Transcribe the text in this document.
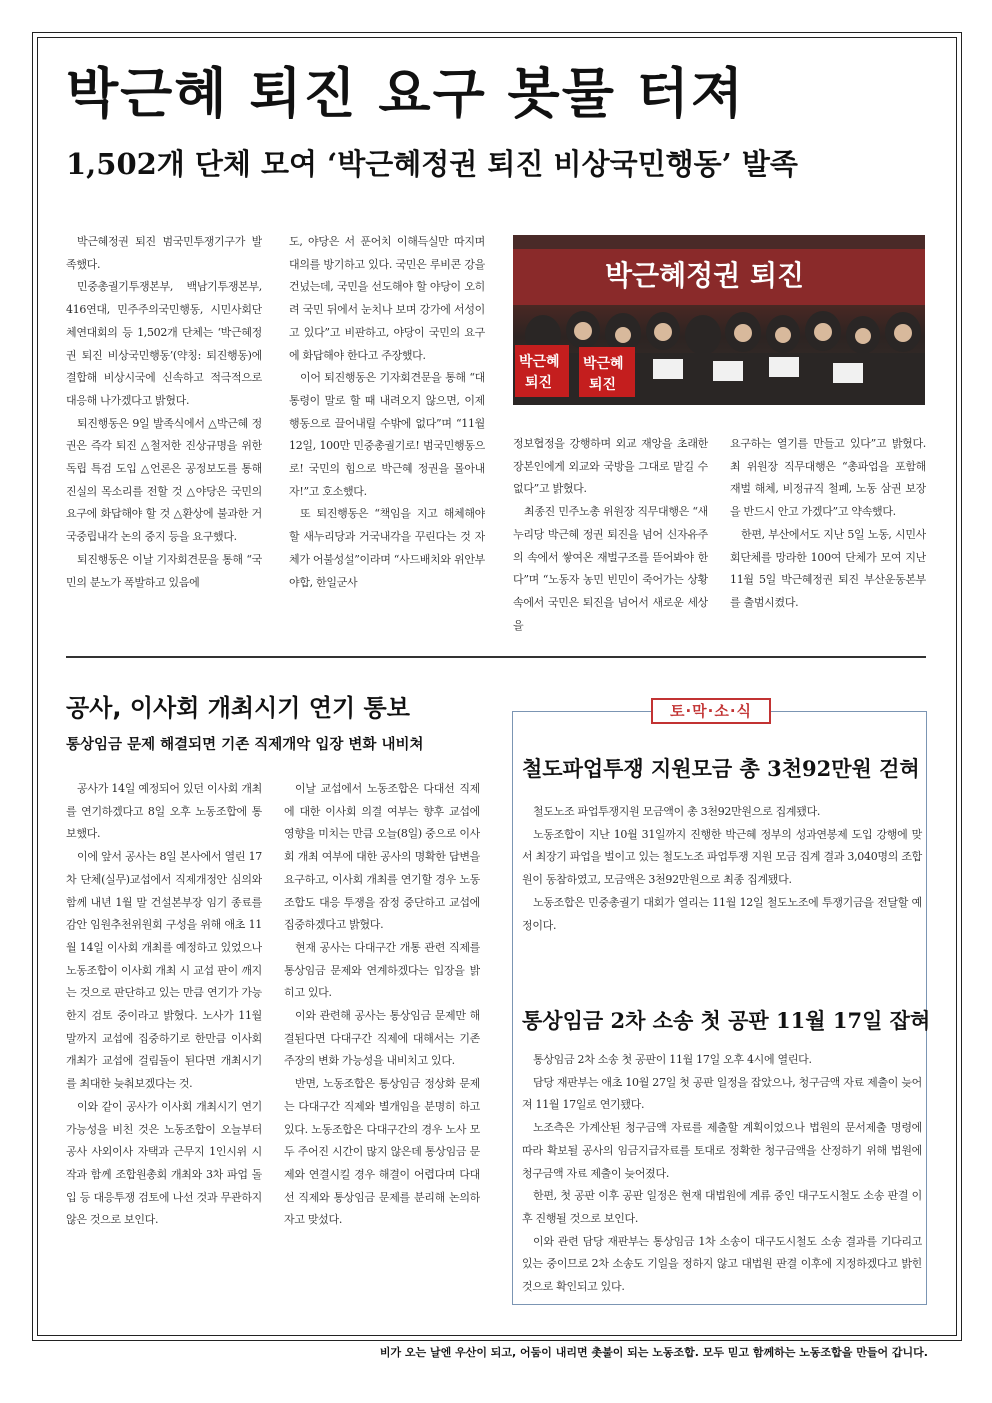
박근혜 퇴진 요구 봇물 터져
1,502개 단체 모여 ‘박근혜정권 퇴진 비상국민행동’ 발족

박근혜정권 퇴진 범국민투쟁기구가 발족했다.

민중총궐기투쟁본부, 백남기투쟁본부, 416연대, 민주주의국민행동, 시민사회단체연대회의 등 1,502개 단체는 ‘박근혜정권 퇴진 비상국민행동’(약칭: 퇴진행동)에 결합해 비상시국에 신속하고 적극적으로 대응해 나가겠다고 밝혔다.

퇴진행동은 9일 발족식에서 △박근혜 정권은 즉각 퇴진 △철저한 진상규명을 위한 독립 특검 도입 △언론은 공정보도를 통해 진실의 목소리를 전할 것 △야당은 국민의 요구에 화답해야 할 것 △환상에 불과한 거국중립내각 논의 중지 등을 요구했다.

퇴진행동은 이날 기자회견문을 통해 “국민의 분노가 폭발하고 있음에

도, 야당은 서 푼어치 이해득실만 따지며 대의를 방기하고 있다. 국민은 루비콘 강을 건넜는데, 국민을 선도해야 할 야당이 오히려 국민 뒤에서 눈치나 보며 강가에 서성이고 있다”고 비판하고, 야당이 국민의 요구에 화답해야 한다고 주장했다.

이어 퇴진행동은 기자회견문을 통해 “대통령이 말로 할 때 내려오지 않으면, 이제 행동으로 끌어내릴 수밖에 없다”며 “11월 12일, 100만 민중총궐기로! 범국민행동으로! 국민의 힘으로 박근혜 정권을 몰아내자!”고 호소했다.

또 퇴진행동은 “책임을 지고 해체해야 할 새누리당과 거국내각을 꾸린다는 것 자체가 어불성설”이라며 “사드배치와 위안부 야합, 한일군사

박근혜정권 퇴진
박근혜
퇴진
박근혜
퇴진

정보협정을 강행하며 외교 재앙을 초래한 장본인에게 외교와 국방을 그대로 맡길 수 없다”고 밝혔다.

최종진 민주노총 위원장 직무대행은 “새누리당 박근혜 정권 퇴진을 넘어 신자유주의 속에서 쌓여온 재벌구조를 뜯어봐야 한다”며 “노동자 농민 빈민이 죽어가는 상황 속에서 국민은 퇴진을 넘어서 새로운 세상을

요구하는 열기를 만들고 있다”고 밝혔다. 최 위원장 직무대행은 “총파업을 포함해 재벌 해체, 비정규직 철폐, 노동 삼권 보장을 반드시 안고 가겠다”고 약속했다.

한편, 부산에서도 지난 5일 노동, 시민사회단체를 망라한 100여 단체가 모여 지난 11월 5일 박근혜정권 퇴진 부산운동본부를 출범시켰다.

공사, 이사회 개최시기 연기 통보
통상임금 문제 해결되면 기존 직제개악 입장 변화 내비쳐

공사가 14일 예정되어 있던 이사회 개최를 연기하겠다고 8일 오후 노동조합에 통보했다.

이에 앞서 공사는 8일 본사에서 열린 17차 단체(실무)교섭에서 직제개정안 심의와 함께 내년 1월 말 건설본부장 임기 종료를 감안 임원추천위원회 구성을 위해 애초 11월 14일 이사회 개최를 예정하고 있었으나 노동조합이 이사회 개최 시 교섭 판이 깨지는 것으로 판단하고 있는 만큼 연기가 가능한지 검토 중이라고 밝혔다. 노사가 11월 말까지 교섭에 집중하기로 한만큼 이사회 개최가 교섭에 걸림돌이 된다면 개최시기를 최대한 늦춰보겠다는 것.

이와 같이 공사가 이사회 개최시기 연기 가능성을 비친 것은 노동조합이 오늘부터 공사 사외이사 자택과 근무지 1인시위 시작과 함께 조합원총회 개최와 3차 파업 돌입 등 대응투쟁 검토에 나선 것과 무관하지 않은 것으로 보인다.

이날 교섭에서 노동조합은 다대선 직제에 대한 이사회 의결 여부는 향후 교섭에 영향을 미치는 만큼 오늘(8일) 중으로 이사회 개최 여부에 대한 공사의 명확한 답변을 요구하고, 이사회 개최를 연기할 경우 노동조합도 대응 투쟁을 잠정 중단하고 교섭에 집중하겠다고 밝혔다.

현재 공사는 다대구간 개통 관련 직제를 통상임금 문제와 연계하겠다는 입장을 밝히고 있다.

이와 관련해 공사는 통상임금 문제만 해결된다면 다대구간 직제에 대해서는 기존 주장의 변화 가능성을 내비치고 있다.

반면, 노동조합은 통상임금 정상화 문제는 다대구간 직제와 별개임을 분명히 하고 있다. 노동조합은 다대구간의 경우 노사 모두 주어진 시간이 많지 않은데 통상임금 문제와 연결시킬 경우 해결이 어렵다며 다대선 직제와 통상임금 문제를 분리해 논의하자고 맞섰다.

토·막·소·식
철도파업투쟁 지원모금 총 3천92만원 걷혀

철도노조 파업투쟁지원 모금액이 총 3천92만원으로 집계됐다.

노동조합이 지난 10월 31일까지 진행한 박근혜 정부의 성과연봉제 도입 강행에 맞서 최장기 파업을 벌이고 있는 철도노조 파업투쟁 지원 모금 집계 결과 3,040명의 조합원이 동참하였고, 모금액은 3천92만원으로 최종 집계됐다.

노동조합은 민중총궐기 대회가 열리는 11월 12일 철도노조에 투쟁기금을 전달할 예정이다.

통상임금 2차 소송 첫 공판 11월 17일 잡혀

통상임금 2차 소송 첫 공판이 11월 17일 오후 4시에 열린다.

담당 재판부는 애초 10월 27일 첫 공판 일정을 잡았으나, 청구금액 자료 제출이 늦어져 11월 17일로 연기됐다.

노조측은 가계산된 청구금액 자료를 제출할 계획이었으나 법원의 문서제출 명령에 따라 확보될 공사의 임금지급자료를 토대로 정확한 청구금액을 산정하기 위해 법원에 청구금액 자료 제출이 늦어졌다.

한편, 첫 공판 이후 공판 일정은 현재 대법원에 계류 중인 대구도시철도 소송 판결 이후 진행될 것으로 보인다.

이와 관련 담당 재판부는 통상임금 1차 소송이 대구도시철도 소송 결과를 기다리고 있는 중이므로 2차 소송도 기일을 정하지 않고 대법원 판결 이후에 지정하겠다고 밝힌 것으로 확인되고 있다.

비가 오는 날엔 우산이 되고, 어둠이 내리면 촛불이 되는 노동조합. 모두 믿고 함께하는 노동조합을 만들어 갑니다.
